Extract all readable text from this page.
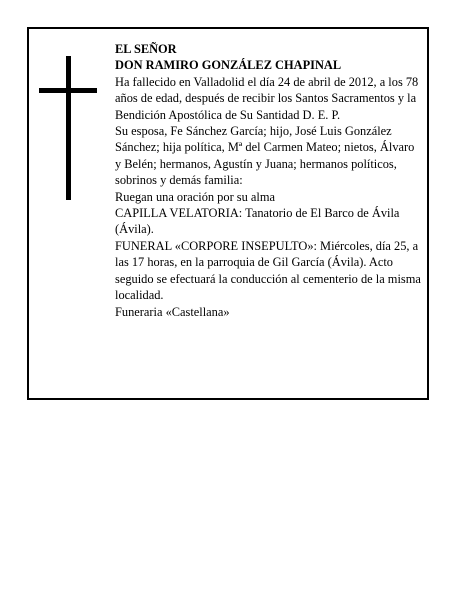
EL SEÑOR

DON RAMIRO GONZÁLEZ CHAPINAL

Ha fallecido en Valladolid el día 24 de abril de 2012, a los 78 años de edad, después de recibir los Santos Sacramentos y la Bendición Apostólica de Su Santidad D. E. P.

Su esposa, Fe Sánchez García; hijo, José Luis González Sánchez; hija política, Mª del Carmen Mateo; nietos, Álvaro y Belén; hermanos, Agustín y Juana; hermanos políticos, sobrinos y demás familia:

Ruegan una oración por su alma

CAPILLA VELATORIA: Tanatorio de El Barco de Ávila (Ávila).

FUNERAL «CORPORE INSEPULTO»: Miércoles, día 25, a las 17 horas, en la parroquia de Gil García (Ávila). Acto seguido se efectuará la conducción al cementerio de la misma localidad.

Funeraria «Castellana»
